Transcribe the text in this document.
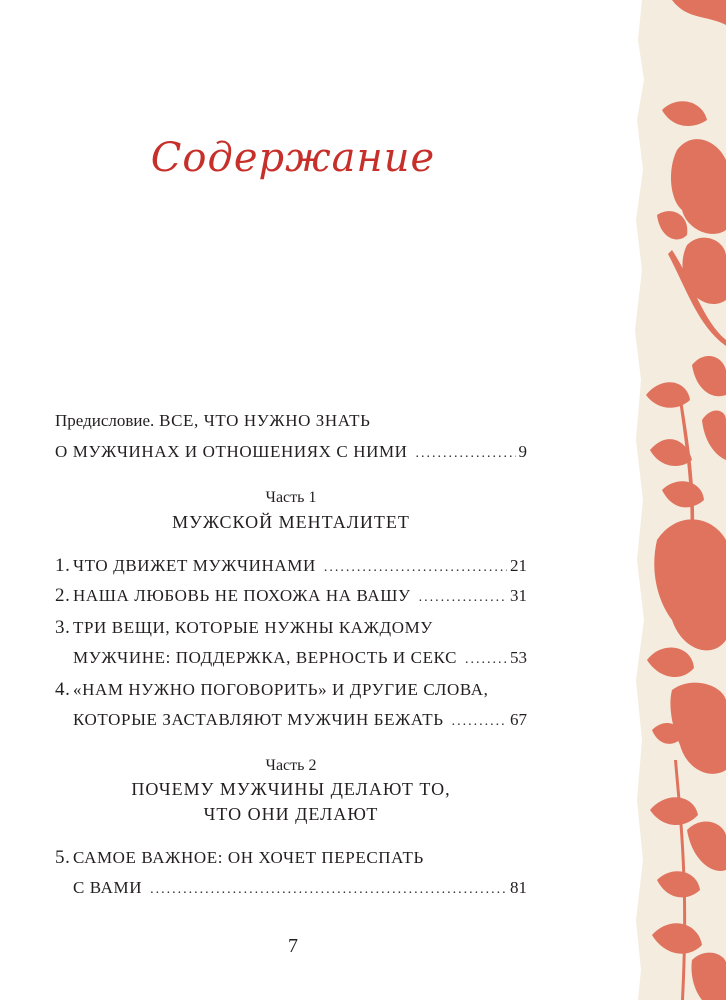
Содержание
Предисловие. ВСЕ, ЧТО НУЖНО ЗНАТЬ
О МУЖЧИНАХ И ОТНОШЕНИЯХ С НИМИ .....	9
Часть 1
МУЖСКОЙ МЕНТАЛИТЕТ
1. ЧТО ДВИЖЕТ МУЖЧИНАМИ .....	21
2. НАША ЛЮБОВЬ НЕ ПОХОЖА НА ВАШУ .....	31
3. ТРИ ВЕЩИ, КОТОРЫЕ НУЖНЫ КАЖДОМУ
МУЖЧИНЕ: ПОДДЕРЖКА, ВЕРНОСТЬ И СЕКС .....	53
4. «НАМ НУЖНО ПОГОВОРИТЬ» И ДРУГИЕ СЛОВА,
КОТОРЫЕ ЗАСТАВЛЯЮТ МУЖЧИН БЕЖАТЬ .....	67
Часть 2
ПОЧЕМУ МУЖЧИНЫ ДЕЛАЮТ ТО,
ЧТО ОНИ ДЕЛАЮТ
5. САМОЕ ВАЖНОЕ: ОН ХОЧЕТ ПЕРЕСПАТЬ
С ВАМИ .....	81
7
